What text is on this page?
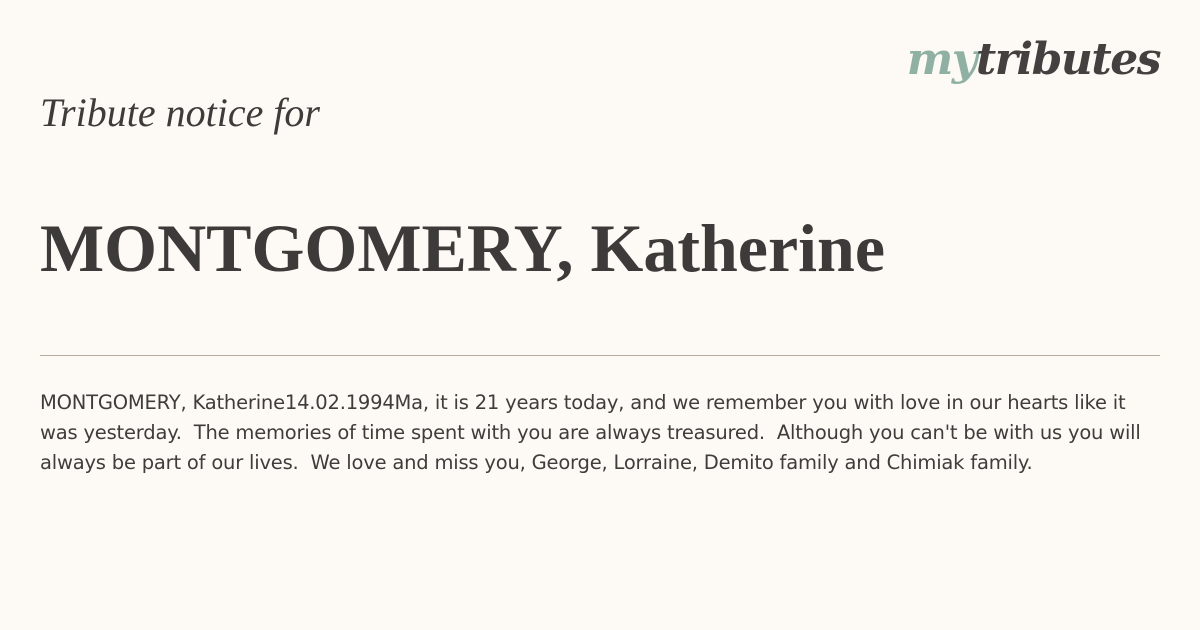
mytributes
Tribute notice for
MONTGOMERY, Katherine
MONTGOMERY, Katherine14.02.1994Ma, it is 21 years today, and we remember you with love in our hearts like it was yesterday.  The memories of time spent with you are always treasured.  Although you can't be with us you will always be part of our lives.  We love and miss you, George, Lorraine, Demito family and Chimiak family.
